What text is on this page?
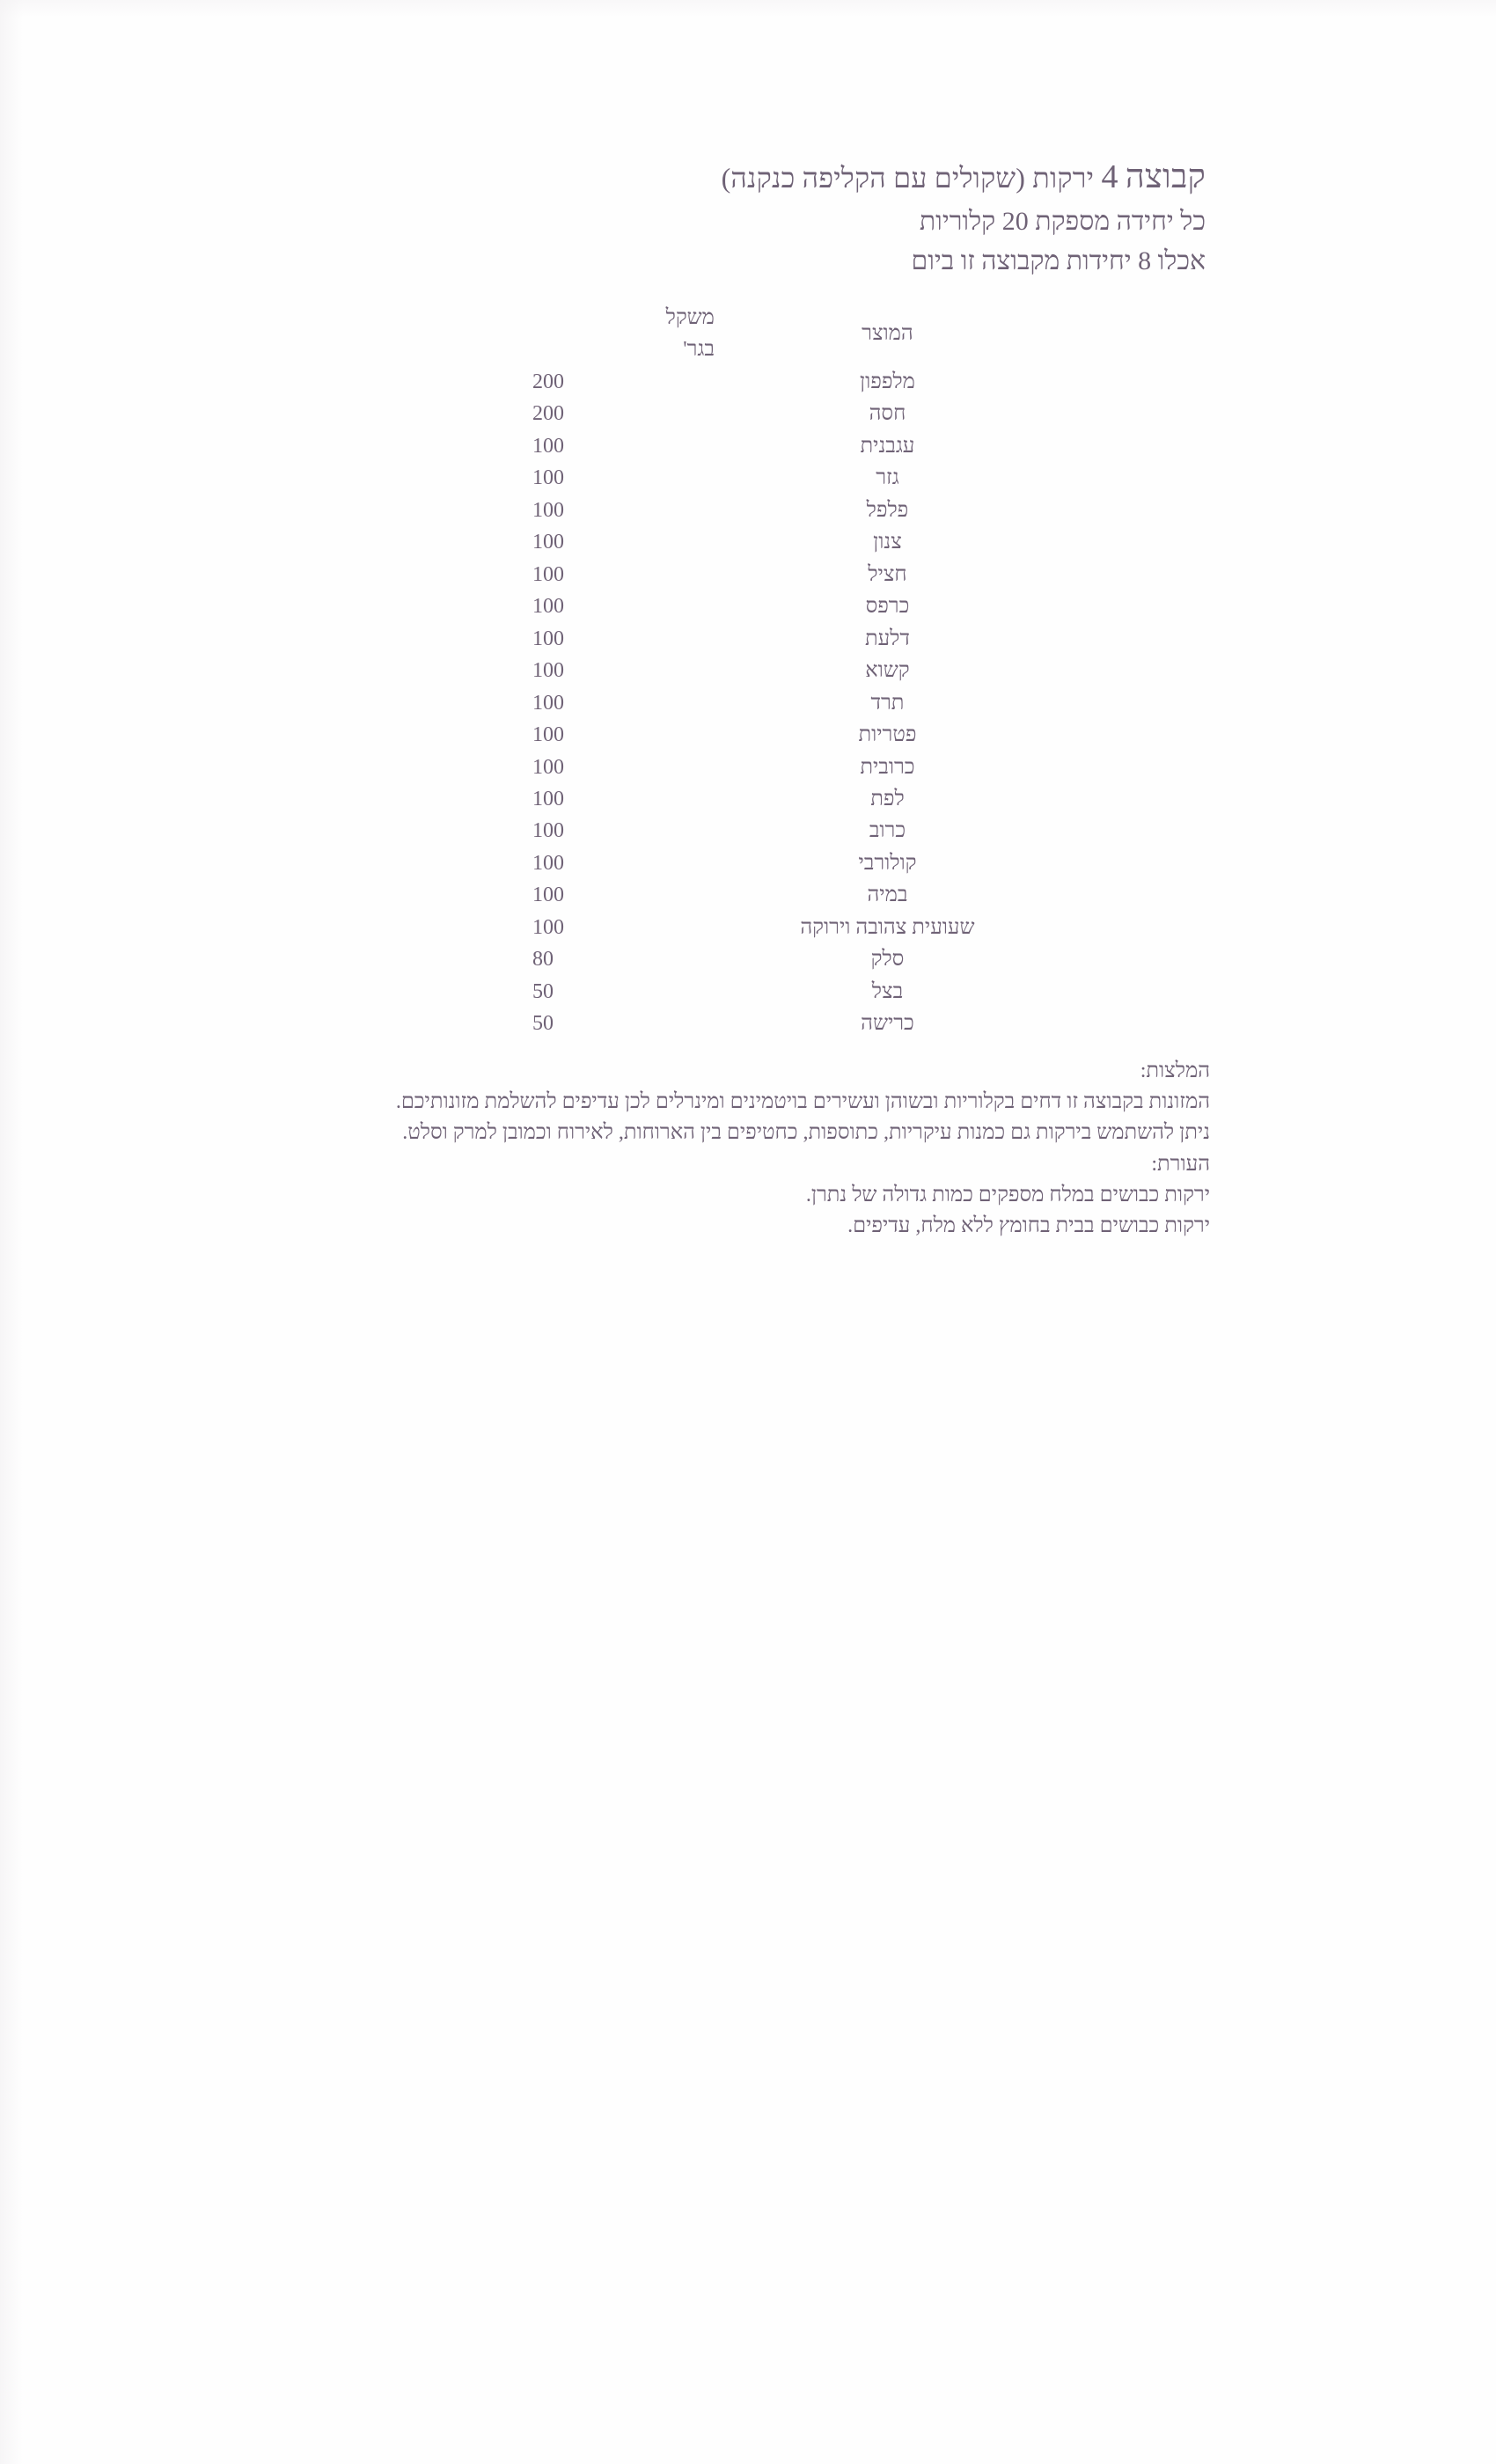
קבוצה 4 ירקות (שקולים עם הקליפה כנקנה)
כל יחידה מספקת 20 קלוריות
אכלו 8 יחידות מקבוצה זו ביום
המוצר	משקל
בגר'

מלפפון	200
חסה	200
עגבנית	100
גזר	100
פלפל	100
צנון	100
חציל	100
כרפס	100
דלעת	100
קשוא	100
תרד	100
פטריות	100
כרובית	100
לפת	100
כרוב	100
קולורבי	100
במיה	100
שעועית צהובה וירוקה	100
סלק	80
בצל	50
כרישה	50

המלצות:

המזונות בקבוצה זו דחים בקלוריות ובשוהן ועשירים בויטמינים ומינרלים לכן עדיפים להשלמת מזונותיכם.

ניתן להשתמש בירקות גם כמנות עיקריות, כתוספות, כחטיפים בין הארוחות, לאירוח וכמובן למרק וסלט.

העורת:

ירקות כבושים במלח מספקים כמות גדולה של נתרן.

ירקות כבושים בבית בחומץ ללא מלח, עדיפים.
